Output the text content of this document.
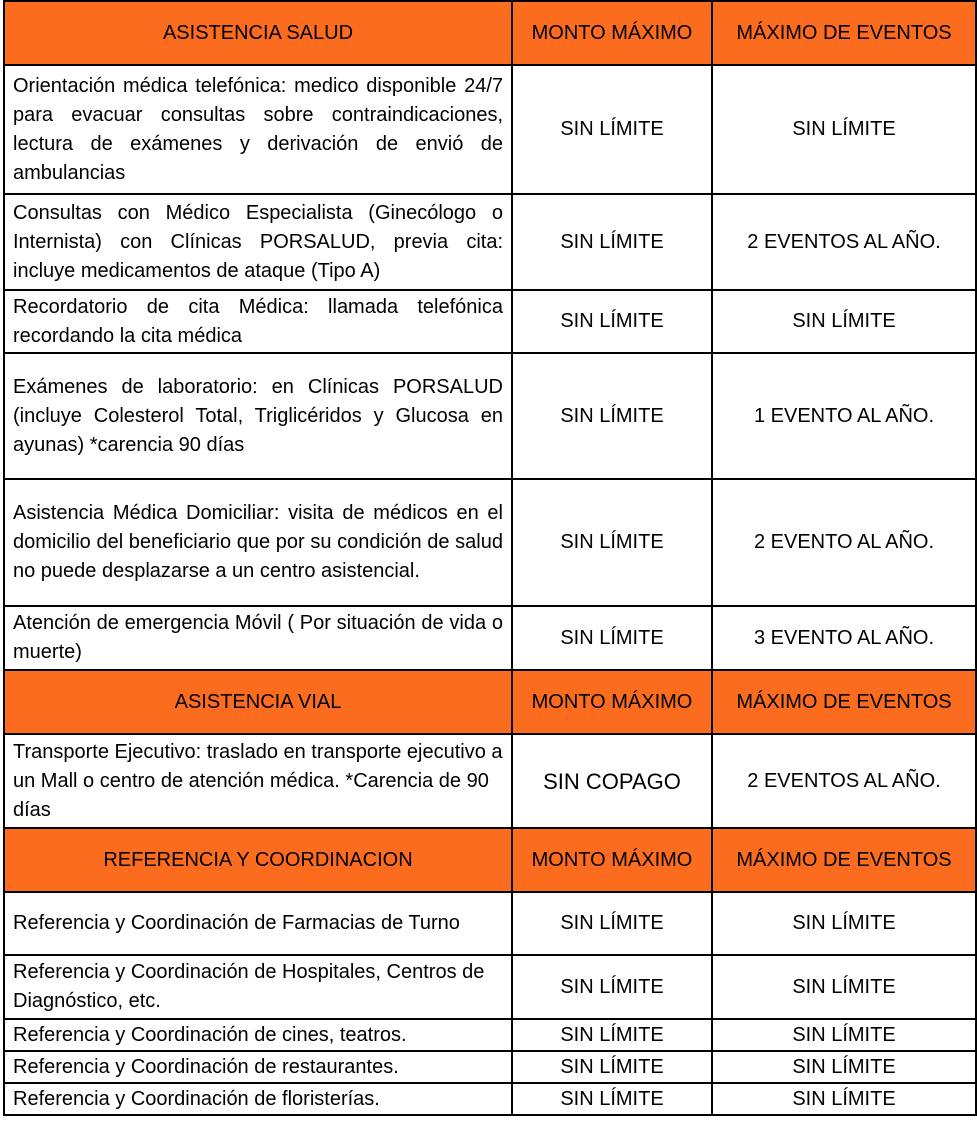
ASISTENCIA SALUD	MONTO MÁXIMO	MÁXIMO DE EVENTOS
Orientación médica telefónica: medico disponible 24/7 para evacuar consultas sobre contraindicaciones, lectura de exámenes y derivación de envió de ambulancias	SIN LÍMITE	SIN LÍMITE
Consultas con Médico Especialista (Ginecólogo o Internista) con Clínicas PORSALUD, previa cita: incluye medicamentos de ataque (Tipo A)	SIN LÍMITE	2 EVENTOS AL AÑO.
Recordatorio de cita Médica: llamada telefónica recordando la cita médica	SIN LÍMITE	SIN LÍMITE
Exámenes de laboratorio: en Clínicas PORSALUD (incluye Colesterol Total, Triglicéridos y Glucosa en ayunas) *carencia 90 días	SIN LÍMITE	1 EVENTO AL AÑO.
Asistencia Médica Domiciliar: visita de médicos en el domicilio del beneficiario que por su condición de salud no puede desplazarse a un centro asistencial.	SIN LÍMITE	2 EVENTO AL AÑO.
Atención de emergencia Móvil ( Por situación de vida o muerte)	SIN LÍMITE	3 EVENTO AL AÑO.
ASISTENCIA VIAL	MONTO MÁXIMO	MÁXIMO DE EVENTOS
Transporte Ejecutivo: traslado en transporte ejecutivo a un Mall o centro de atención médica. *Carencia de 90 días	SIN COPAGO	2 EVENTOS AL AÑO.
REFERENCIA Y COORDINACION	MONTO MÁXIMO	MÁXIMO DE EVENTOS
Referencia y Coordinación de Farmacias de Turno	SIN LÍMITE	SIN LÍMITE
Referencia y Coordinación de Hospitales, Centros de Diagnóstico, etc.	SIN LÍMITE	SIN LÍMITE
Referencia y Coordinación de cines, teatros.	SIN LÍMITE	SIN LÍMITE
Referencia y Coordinación de restaurantes.	SIN LÍMITE	SIN LÍMITE
Referencia y Coordinación de floristerías.	SIN LÍMITE	SIN LÍMITE
